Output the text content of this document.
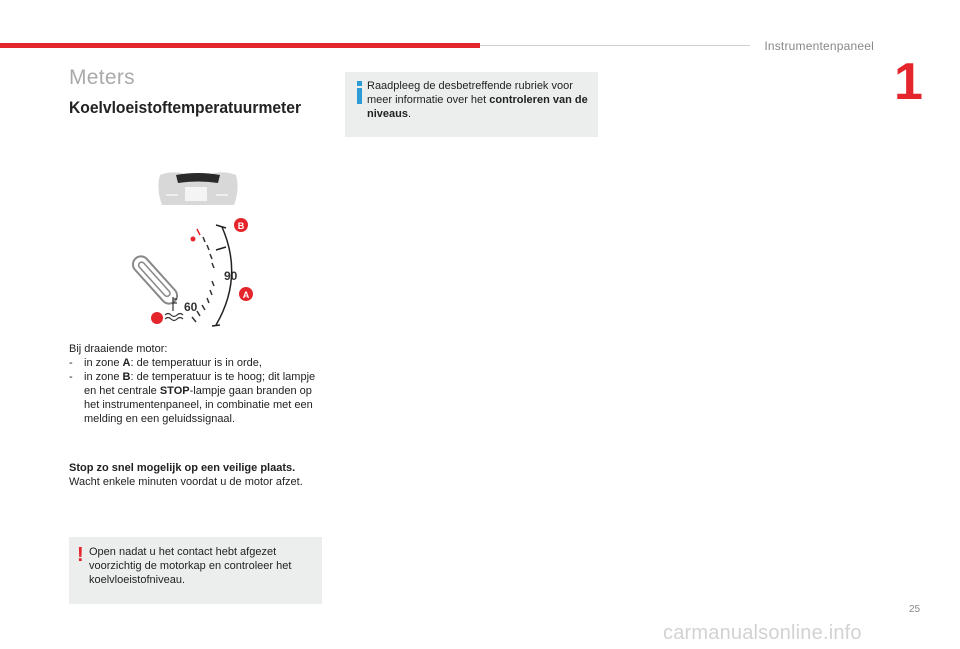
Instrumentenpaneel
1
Meters
Koelvloeistoftemperatuurmeter
Raadpleeg de desbetreffende rubriek voor meer informatie over het controleren van de niveaus.
90
60
B
A
Bij draaiende motor:
-	in zone A: de temperatuur is in orde,
-	in zone B: de temperatuur is te hoog; dit lampje en het centrale STOP-lampje gaan branden op het instrumentenpaneel, in combinatie met een melding en een geluidssignaal.
Stop zo snel mogelijk op een veilige plaats.
Wacht enkele minuten voordat u de motor afzet.
! Open nadat u het contact hebt afgezet voorzichtig de motorkap en controleer het koelvloeistofniveau.
25
carmanualsonline.info
